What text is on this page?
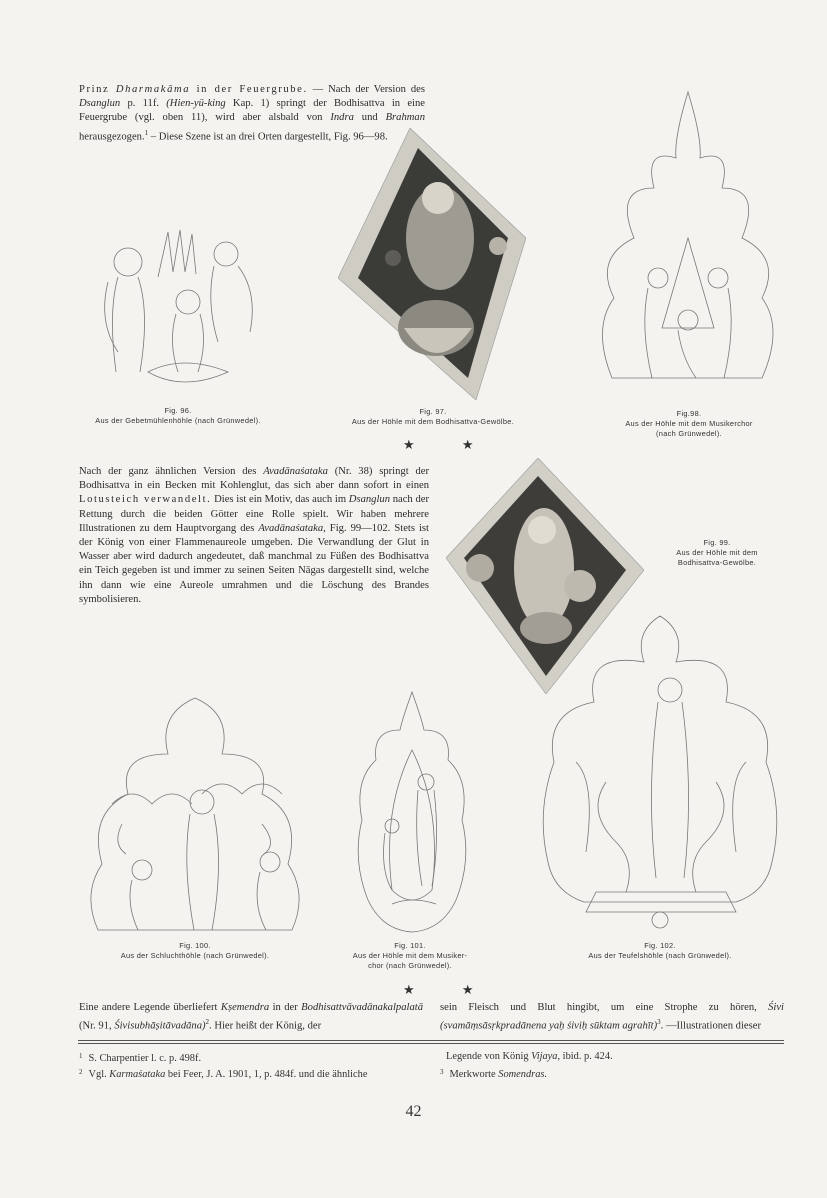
Prinz Dharmakāma in der Feuergrube. — Nach der Version des Dsanglun p. 11f. (Hien-yü-king Kap. 1) springt der Bodhisattva in eine Feuergrube (vgl. oben 11), wird aber alsbald von Indra und Brahman herausgezogen.$^1$ – Diese Szene ist an drei Orten dargestellt, Fig. 96—98.
Fig. 96.
Aus der Gebetmühlenhöhle (nach Grünwedel).
Fig. 97.
Aus der Höhle mit dem Bodhisattva-Gewölbe.
Fig.98.
Aus der Höhle mit dem Musikerchor
(nach Grünwedel).
★ ★
Nach der ganz ähnlichen Version des Avadānaśataka (Nr. 38) springt der Bodhisattva in ein Becken mit Kohlenglut, das sich aber dann sofort in einen Lotusteich verwandelt. Dies ist ein Motiv, das auch im Dsanglun nach der Rettung durch die beiden Götter eine Rolle spielt. Wir haben mehrere Illustrationen zu dem Hauptvorgang des Avadānaśataka, Fig. 99—102. Stets ist der König von einer Flammenaureole umgeben. Die Verwandlung der Glut in Wasser aber wird dadurch angedeutet, daß manchmal zu Füßen des Bodhisattva ein Teich gegeben ist und immer zu seinen Seiten Nāgas dargestellt sind, welche ihn dann wie eine Aureole umrahmen und die Löschung des Brandes symbolisieren.
Fig. 99.
Aus der Höhle mit dem
Bodhisattva-Gewölbe.
Fig. 100.
Aus der Schluchthöhle (nach Grünwedel).
Fig. 101.
Aus der Höhle mit dem Musiker-
chor (nach Grünwedel).
Fig. 102.
Aus der Teufelshöhle (nach Grünwedel).
★ ★
Eine andere Legende überliefert Kṣemendra in der Bodhisattvāvadānakalpalatā (Nr. 91, Śivisubhāṣitāvadāna)$^2$. Hier heißt der König, der
sein Fleisch und Blut hingibt, um eine Strophe zu hören, Śivi (svamāṃsāsṛkpradānena yaḥ śiviḥ sūktam agrahīt)$^3$. —Illustrationen dieser
$^1$ S. Charpentier l. c. p. 498f.
$^2$ Vgl. Karmaśataka bei Feer, J. A. 1901, 1, p. 484f. und die ähnliche
Legende von König Vijaya, ibid. p. 424.
$^3$ Merkworte Somendras.
42
